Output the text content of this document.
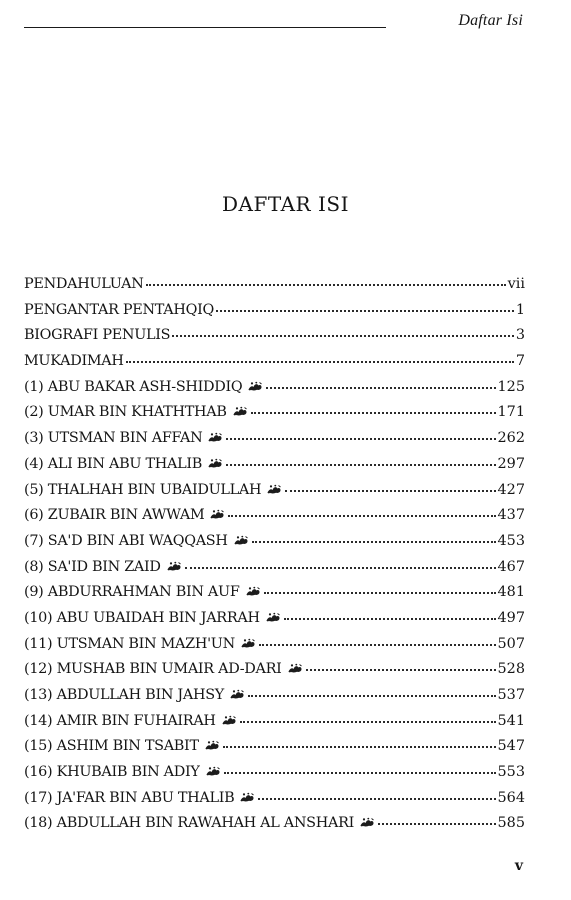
Daftar Isi
DAFTAR ISI
PENDAHULUAN	vii
PENGANTAR PENTAHQIQ	1
BIOGRAFI PENULIS	3
MUKADIMAH	7
(1) ABU BAKAR ASH-SHIDDIQ	125
(2) UMAR BIN KHATHTHAB	171
(3) UTSMAN BIN AFFAN	262
(4) ALI BIN ABU THALIB	297
(5) THALHAH BIN UBAIDULLAH	427
(6) ZUBAIR BIN AWWAM	437
(7) SA'D BIN ABI WAQQASH	453
(8) SA'ID BIN ZAID	467
(9) ABDURRAHMAN BIN AUF	481
(10) ABU UBAIDAH BIN JARRAH	497
(11) UTSMAN BIN MAZH'UN	507
(12) MUSHAB BIN UMAIR AD-DARI	528
(13) ABDULLAH BIN JAHSY	537
(14) AMIR BIN FUHAIRAH	541
(15) ASHIM BIN TSABIT	547
(16) KHUBAIB BIN ADIY	553
(17) JA'FAR BIN ABU THALIB	564
(18) ABDULLAH BIN RAWAHAH AL ANSHARI	585
v
